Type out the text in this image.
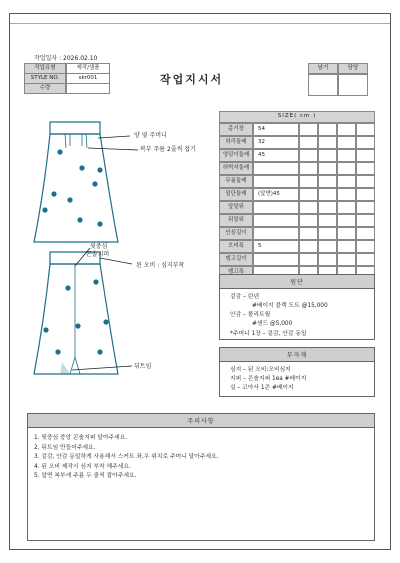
작업일자 : 2026.02.10
작업유형	제작/샘플
STYLE NO.	skr001
수량
작업지시서
날기	담당
양 옆 주머니
복부 주름 2줄씩 잡기
뒷중심
콘솔지퍼
된 오비 : 심지부착
뒤트임
SIZE( cm )
총기장	54
허리둘레	32
엉덩이둘레	45
허벅지둘레
무릎둘레
밑단둘레	(앞면)45
앞밑위
뒤밑위
인심길이
오비폭	5
뎅고길이
뎅고폭
원단
겉감 – 린넨
#베이지 블랙 도트 @15,000
안감 – 폴리트윌
#샌드 @5,000
*주머니 1장 – 겉감, 안감 동일
부자재
심지 – 된 오비:오비심지
지퍼 – 콘솔지퍼 1ea #베이지
실 – 코아사 1콘 #베이지
주의사항
1. 뒷중심 중앙 콘솔지퍼 달아주세요.
2. 뒤트임 만들어주세요.
3. 겉감, 안감 동일하게 사용해서 스커트 좌,우 위치로 주머니 달아주세요.
4. 된 오비 제작시 심지 부착 해주세요.
5. 앞면 복부에 주름 두 줄씩 잡아주세요.
